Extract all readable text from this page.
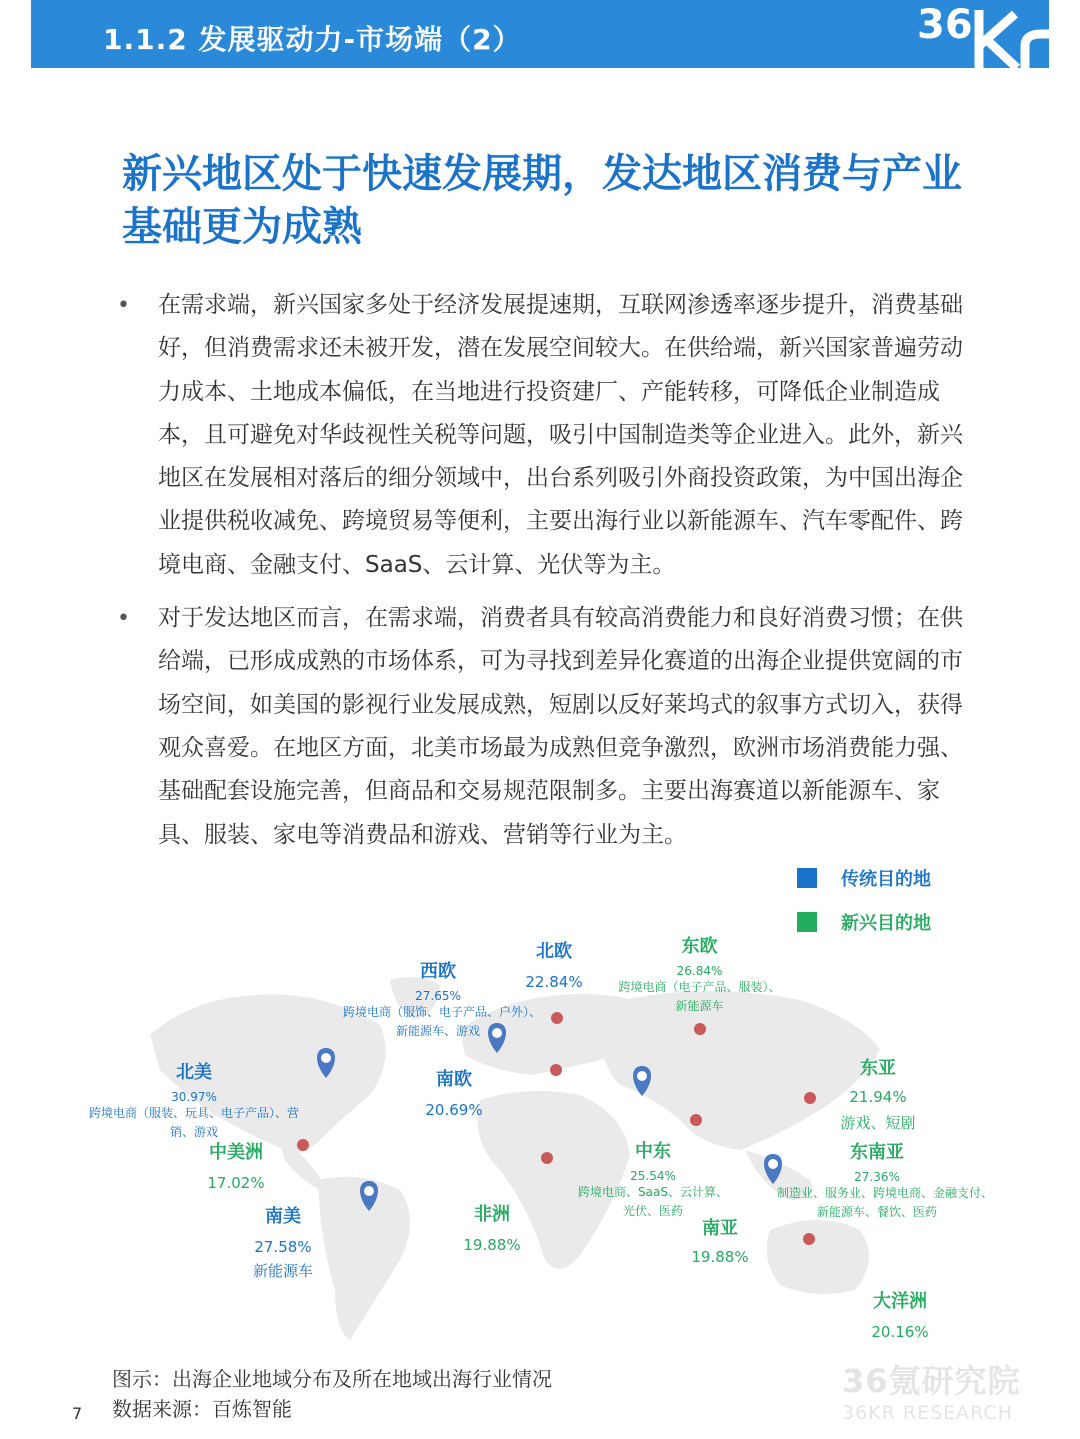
1.1.2 发展驱动力-市场端（2）	36
新兴地区处于快速发展期，发达地区消费与产业基础更为成熟
• 在需求端，新兴国家多处于经济发展提速期，互联网渗透率逐步提升，消费基础好，但消费需求还未被开发，潜在发展空间较大。在供给端，新兴国家普遍劳动力成本、土地成本偏低，在当地进行投资建厂、产能转移，可降低企业制造成本，且可避免对华歧视性关税等问题，吸引中国制造类等企业进入。此外，新兴地区在发展相对落后的细分领域中，出台系列吸引外商投资政策，为中国出海企业提供税收减免、跨境贸易等便利，主要出海行业以新能源车、汽车零配件、跨境电商、金融支付、SaaS、云计算、光伏等为主。
• 对于发达地区而言，在需求端，消费者具有较高消费能力和良好消费习惯；在供给端，已形成成熟的市场体系，可为寻找到差异化赛道的出海企业提供宽阔的市场空间，如美国的影视行业发展成熟，短剧以反好莱坞式的叙事方式切入，获得观众喜爱。在地区方面，北美市场最为成熟但竞争激烈，欧洲市场消费能力强、基础配套设施完善，但商品和交易规范限制多。主要出海赛道以新能源车、家具、服装、家电等消费品和游戏、营销等行业为主。
传统目的地
新兴目的地
北美
30.97%
跨境电商（服装、玩具、电子产品）、营
销、游戏
西欧
27.65%
跨境电商（服饰、电子产品、户外）、
新能源车、游戏
北欧
22.84%
东欧
26.84%
跨境电商（电子产品、服装）、
新能源车
南欧
20.69%
东亚
21.94%
游戏、短剧
中美洲
17.02%
中东
25.54%
跨境电商、SaaS、云计算、
光伏、医药
东南亚
27.36%
制造业、服务业、跨境电商、金融支付、
新能源车、餐饮、医药
南美
27.58%
新能源车
非洲
19.88%
南亚
19.88%
大洋洲
20.16%
图示：出海企业地域分布及所在地域出海行业情况
数据来源：百炼智能
36氪研究院
36KR RESEARCH
7
